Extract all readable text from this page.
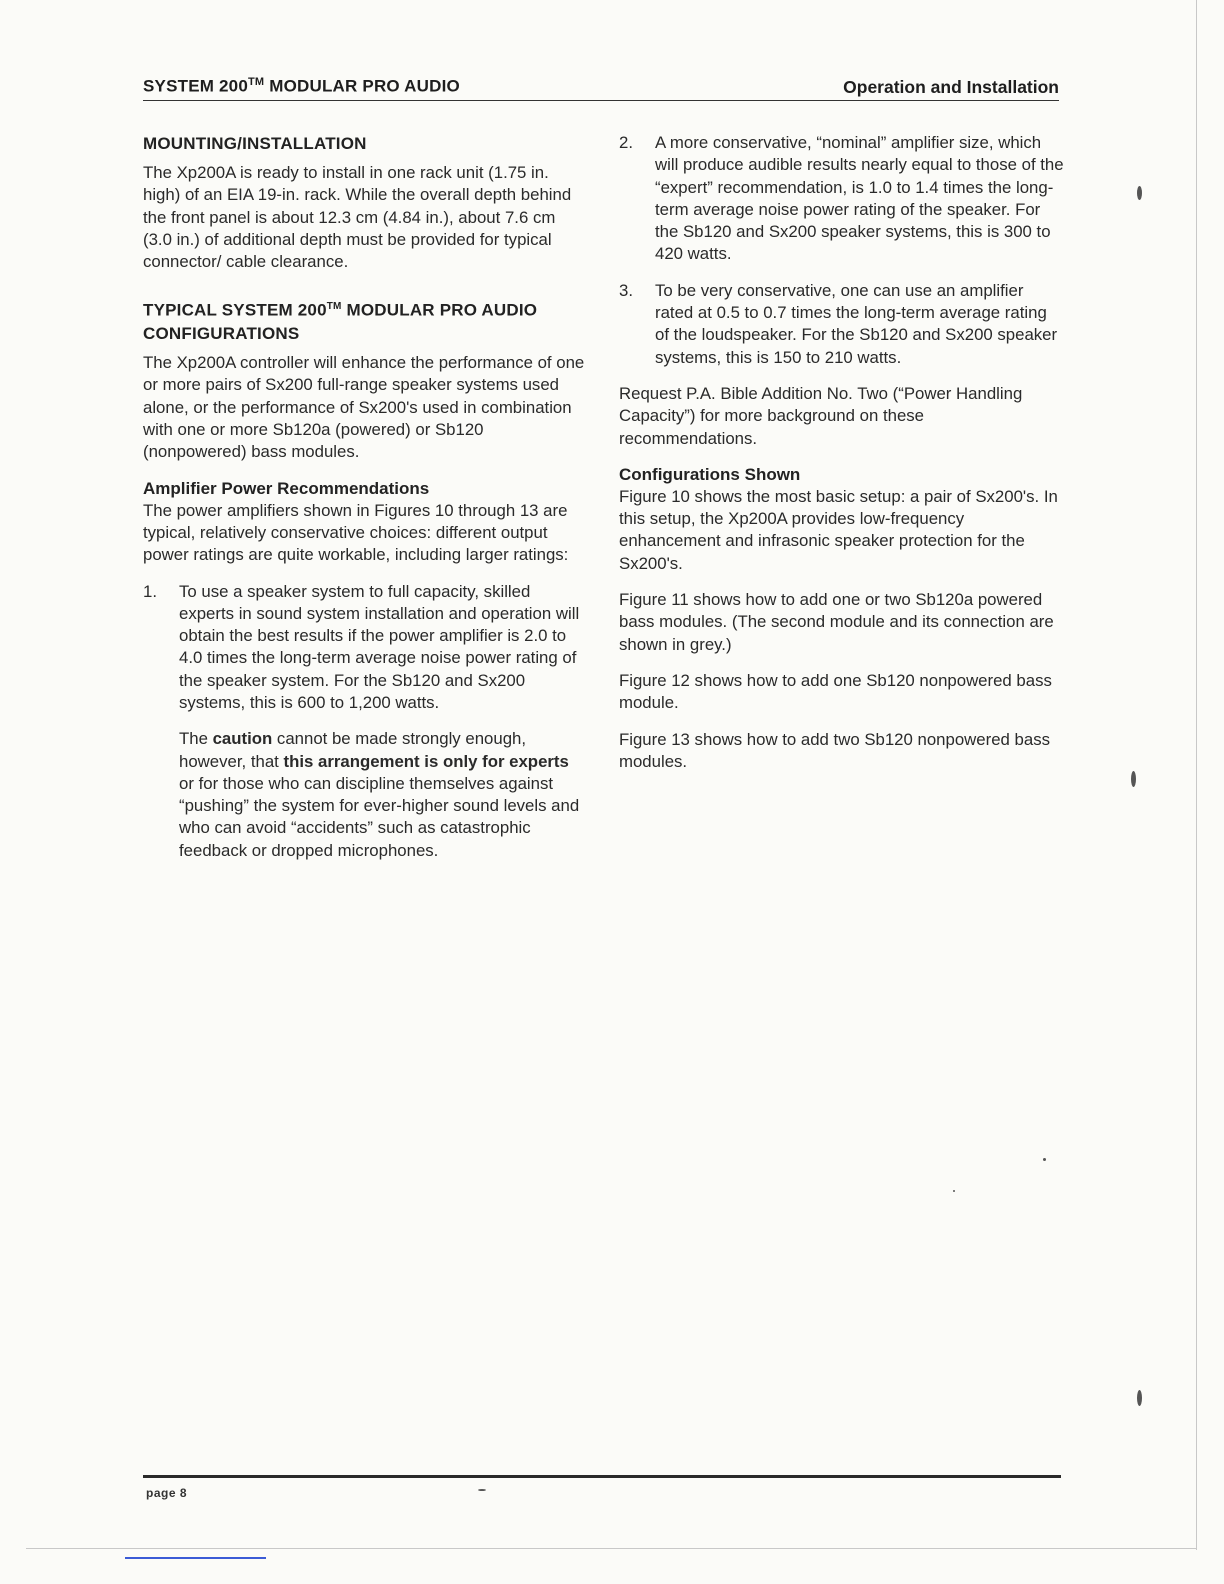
SYSTEM 200™ MODULAR PRO AUDIO	Operation and Installation
MOUNTING/INSTALLATION

The Xp200A is ready to install in one rack unit (1.75 in. high) of an EIA 19-in. rack. While the overall depth behind the front panel is about 12.3 cm (4.84 in.), about 7.6 cm (3.0 in.) of additional depth must be provided for typical connector/ cable clearance.

TYPICAL SYSTEM 200™ MODULAR PRO AUDIO CONFIGURATIONS

The Xp200A controller will enhance the performance of one or more pairs of Sx200 full-range speaker systems used alone, or the performance of Sx200's used in combination with one or more Sb120a (powered) or Sb120 (nonpowered) bass modules.

Amplifier Power Recommendations

The power amplifiers shown in Figures 10 through 13 are typical, relatively conservative choices: different output power ratings are quite workable, including larger ratings:

1. To use a speaker system to full capacity, skilled experts in sound system installation and operation will obtain the best results if the power amplifier is 2.0 to 4.0 times the long-term average noise power rating of the speaker system. For the Sb120 and Sx200 systems, this is 600 to 1,200 watts.

The caution cannot be made strongly enough, however, that this arrangement is only for experts or for those who can discipline themselves against “pushing” the system for ever-higher sound levels and who can avoid “accidents” such as catastrophic feedback or dropped microphones.

2. A more conservative, “nominal” amplifier size, which will produce audible results nearly equal to those of the “expert” recommendation, is 1.0 to 1.4 times the long-term average noise power rating of the speaker. For the Sb120 and Sx200 speaker systems, this is 300 to 420 watts.
3. To be very conservative, one can use an amplifier rated at 0.5 to 0.7 times the long-term average rating of the loudspeaker. For the Sb120 and Sx200 speaker systems, this is 150 to 210 watts.

Request P.A. Bible Addition No. Two (“Power Handling Capacity”) for more background on these recommendations.

Configurations Shown

Figure 10 shows the most basic setup: a pair of Sx200's. In this setup, the Xp200A provides low-frequency enhancement and infrasonic speaker protection for the Sx200's.

Figure 11 shows how to add one or two Sb120a powered bass modules. (The second module and its connection are shown in grey.)

Figure 12 shows how to add one Sb120 nonpowered bass module.

Figure 13 shows how to add two Sb120 nonpowered bass modules.

page 8
